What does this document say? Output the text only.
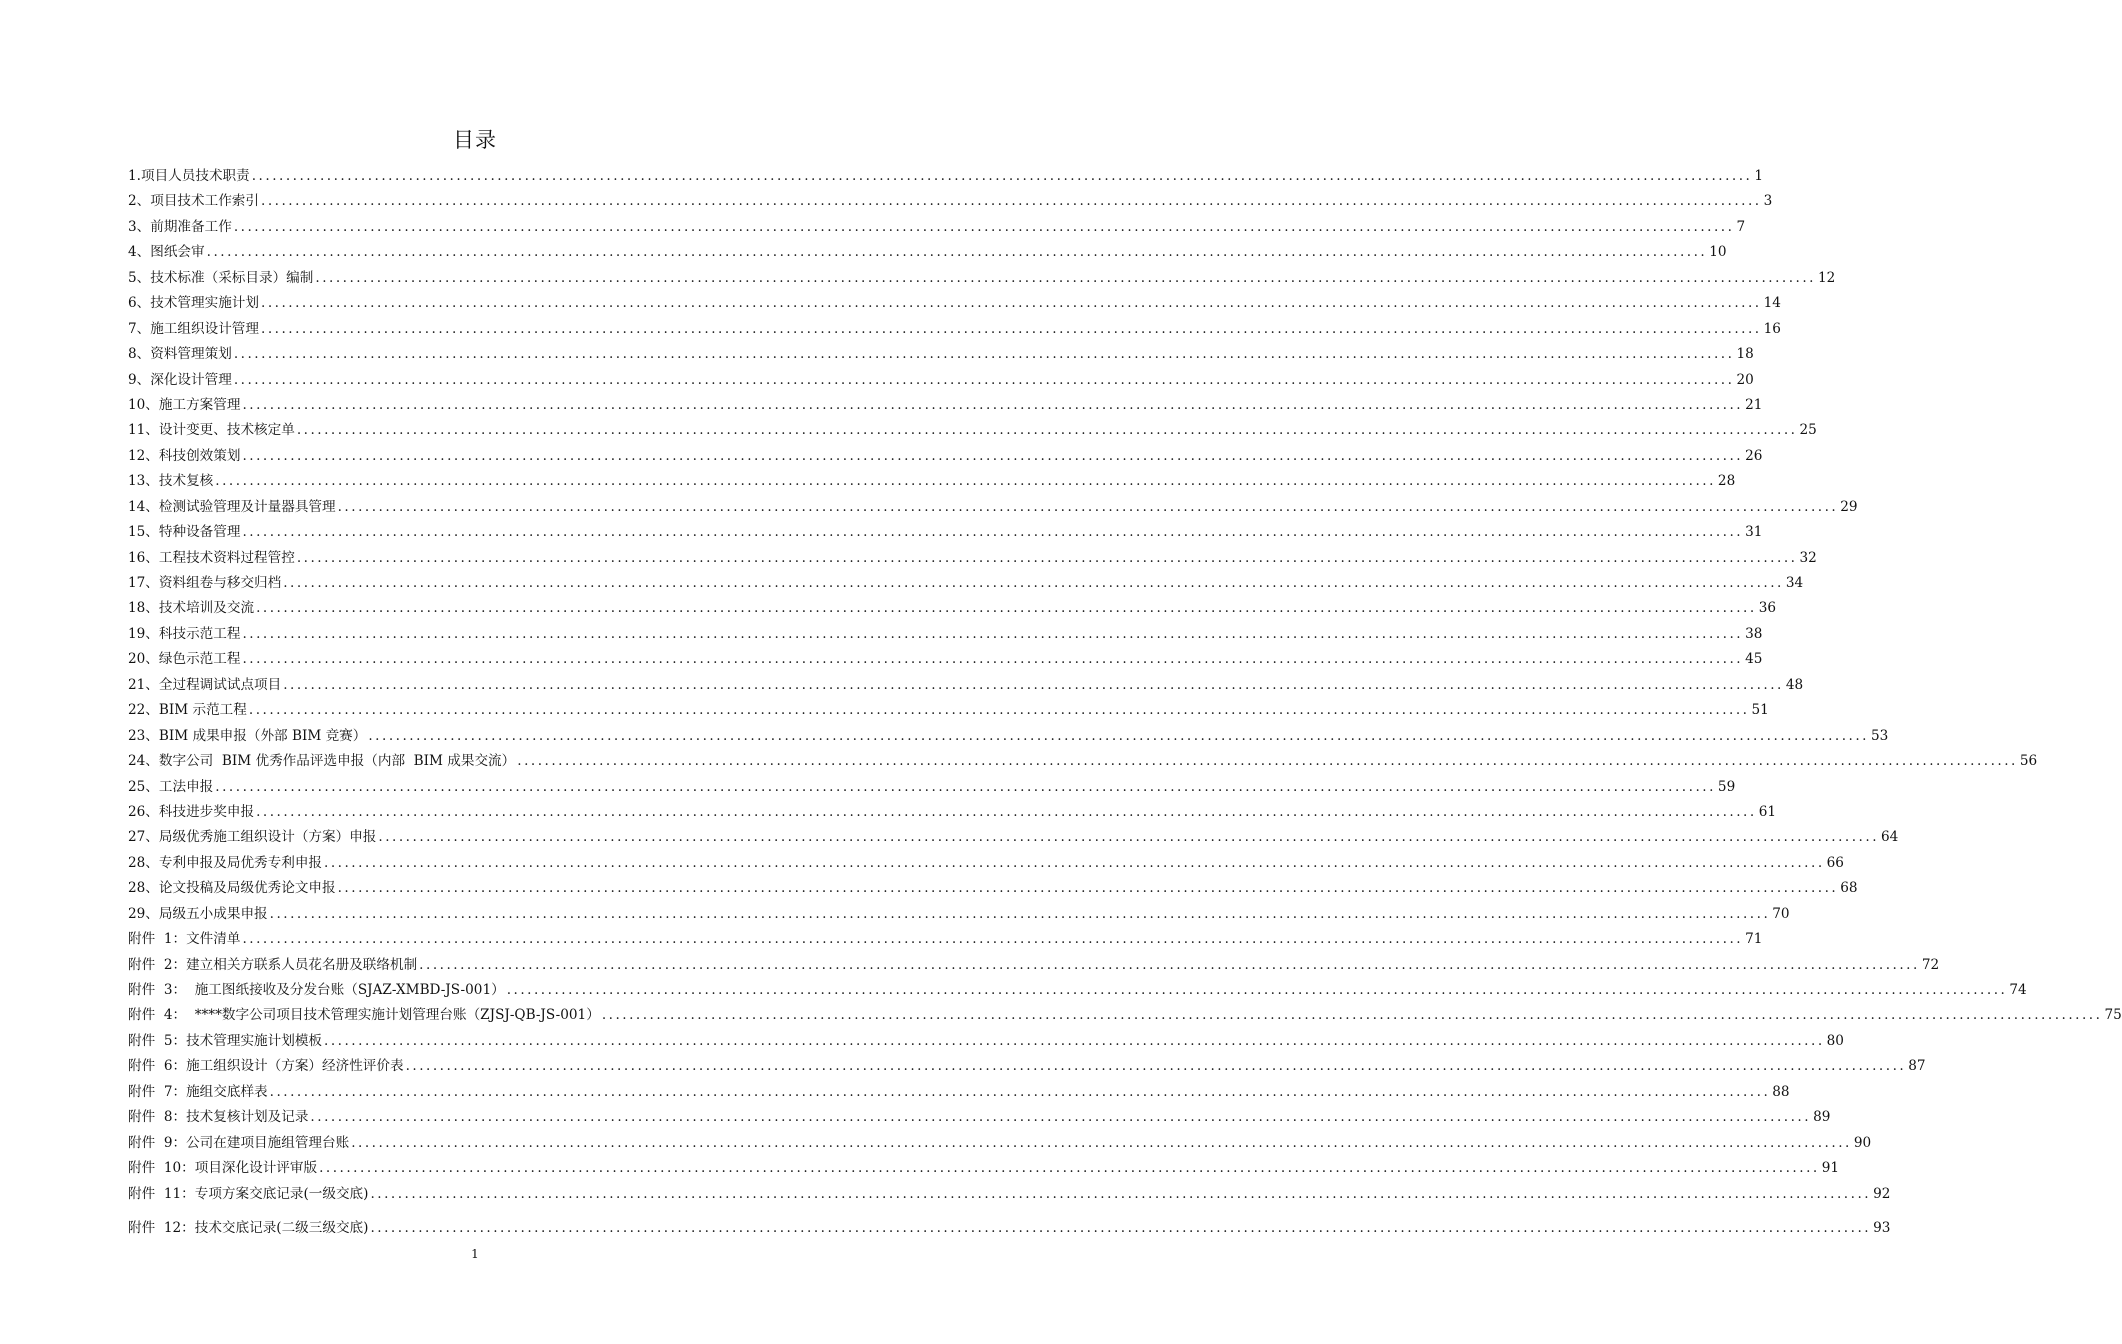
目录
1.项目人员技术职责 ............................................................................................................................................................................................................................ 1
2、项目技术工作索引 ............................................................................................................................................................................................................................ 3
3、前期准备工作 ............................................................................................................................................................................................................................ 7
4、图纸会审 ............................................................................................................................................................................................................................ 10
5、技术标准（采标目录）编制 ............................................................................................................................................................................................................................ 12
6、技术管理实施计划 ............................................................................................................................................................................................................................ 14
7、施工组织设计管理 ............................................................................................................................................................................................................................ 16
8、资料管理策划 ............................................................................................................................................................................................................................ 18
9、深化设计管理 ............................................................................................................................................................................................................................ 20
10、施工方案管理 ............................................................................................................................................................................................................................ 21
11、设计变更、技术核定单 ............................................................................................................................................................................................................................ 25
12、科技创效策划 ............................................................................................................................................................................................................................ 26
13、技术复核 ............................................................................................................................................................................................................................ 28
14、检测试验管理及计量器具管理 ............................................................................................................................................................................................................................ 29
15、特种设备管理 ............................................................................................................................................................................................................................ 31
16、工程技术资料过程管控 ............................................................................................................................................................................................................................ 32
17、资料组卷与移交归档 ............................................................................................................................................................................................................................ 34
18、技术培训及交流 ............................................................................................................................................................................................................................ 36
19、科技示范工程 ............................................................................................................................................................................................................................ 38
20、绿色示范工程 ............................................................................................................................................................................................................................ 45
21、全过程调试试点项目 ............................................................................................................................................................................................................................ 48
22、BIM 示范工程 ............................................................................................................................................................................................................................ 51
23、BIM 成果申报（外部 BIM 竞赛） ............................................................................................................................................................................................................................ 53
24、数字公司  BIM 优秀作品评选申报（内部  BIM 成果交流） ............................................................................................................................................................................................................................ 56
25、工法申报 ............................................................................................................................................................................................................................ 59
26、科技进步奖申报 ............................................................................................................................................................................................................................ 61
27、局级优秀施工组织设计（方案）申报 ............................................................................................................................................................................................................................ 64
28、专利申报及局优秀专利申报 ............................................................................................................................................................................................................................ 66
28、论文投稿及局级优秀论文申报 ............................................................................................................................................................................................................................ 68
29、局级五小成果申报 ............................................................................................................................................................................................................................ 70
附件  1：文件清单 ............................................................................................................................................................................................................................ 71
附件  2：建立相关方联系人员花名册及联络机制 ............................................................................................................................................................................................................................ 72
附件  3：  施工图纸接收及分发台账（SJAZ-XMBD-JS-001） ............................................................................................................................................................................................................................ 74
附件  4：  ****数字公司项目技术管理实施计划管理台账（ZJSJ-QB-JS-001） ............................................................................................................................................................................................................................ 75
附件  5：技术管理实施计划模板 ............................................................................................................................................................................................................................ 80
附件  6：施工组织设计（方案）经济性评价表 ............................................................................................................................................................................................................................ 87
附件  7：施组交底样表 ............................................................................................................................................................................................................................ 88
附件  8：技术复核计划及记录 ............................................................................................................................................................................................................................ 89
附件  9：公司在建项目施组管理台账 ............................................................................................................................................................................................................................ 90
附件  10：项目深化设计评审版 ............................................................................................................................................................................................................................ 91
附件  11：专项方案交底记录(一级交底) ............................................................................................................................................................................................................................ 92
附件  12：技术交底记录(二级三级交底) ............................................................................................................................................................................................................................ 93
1
